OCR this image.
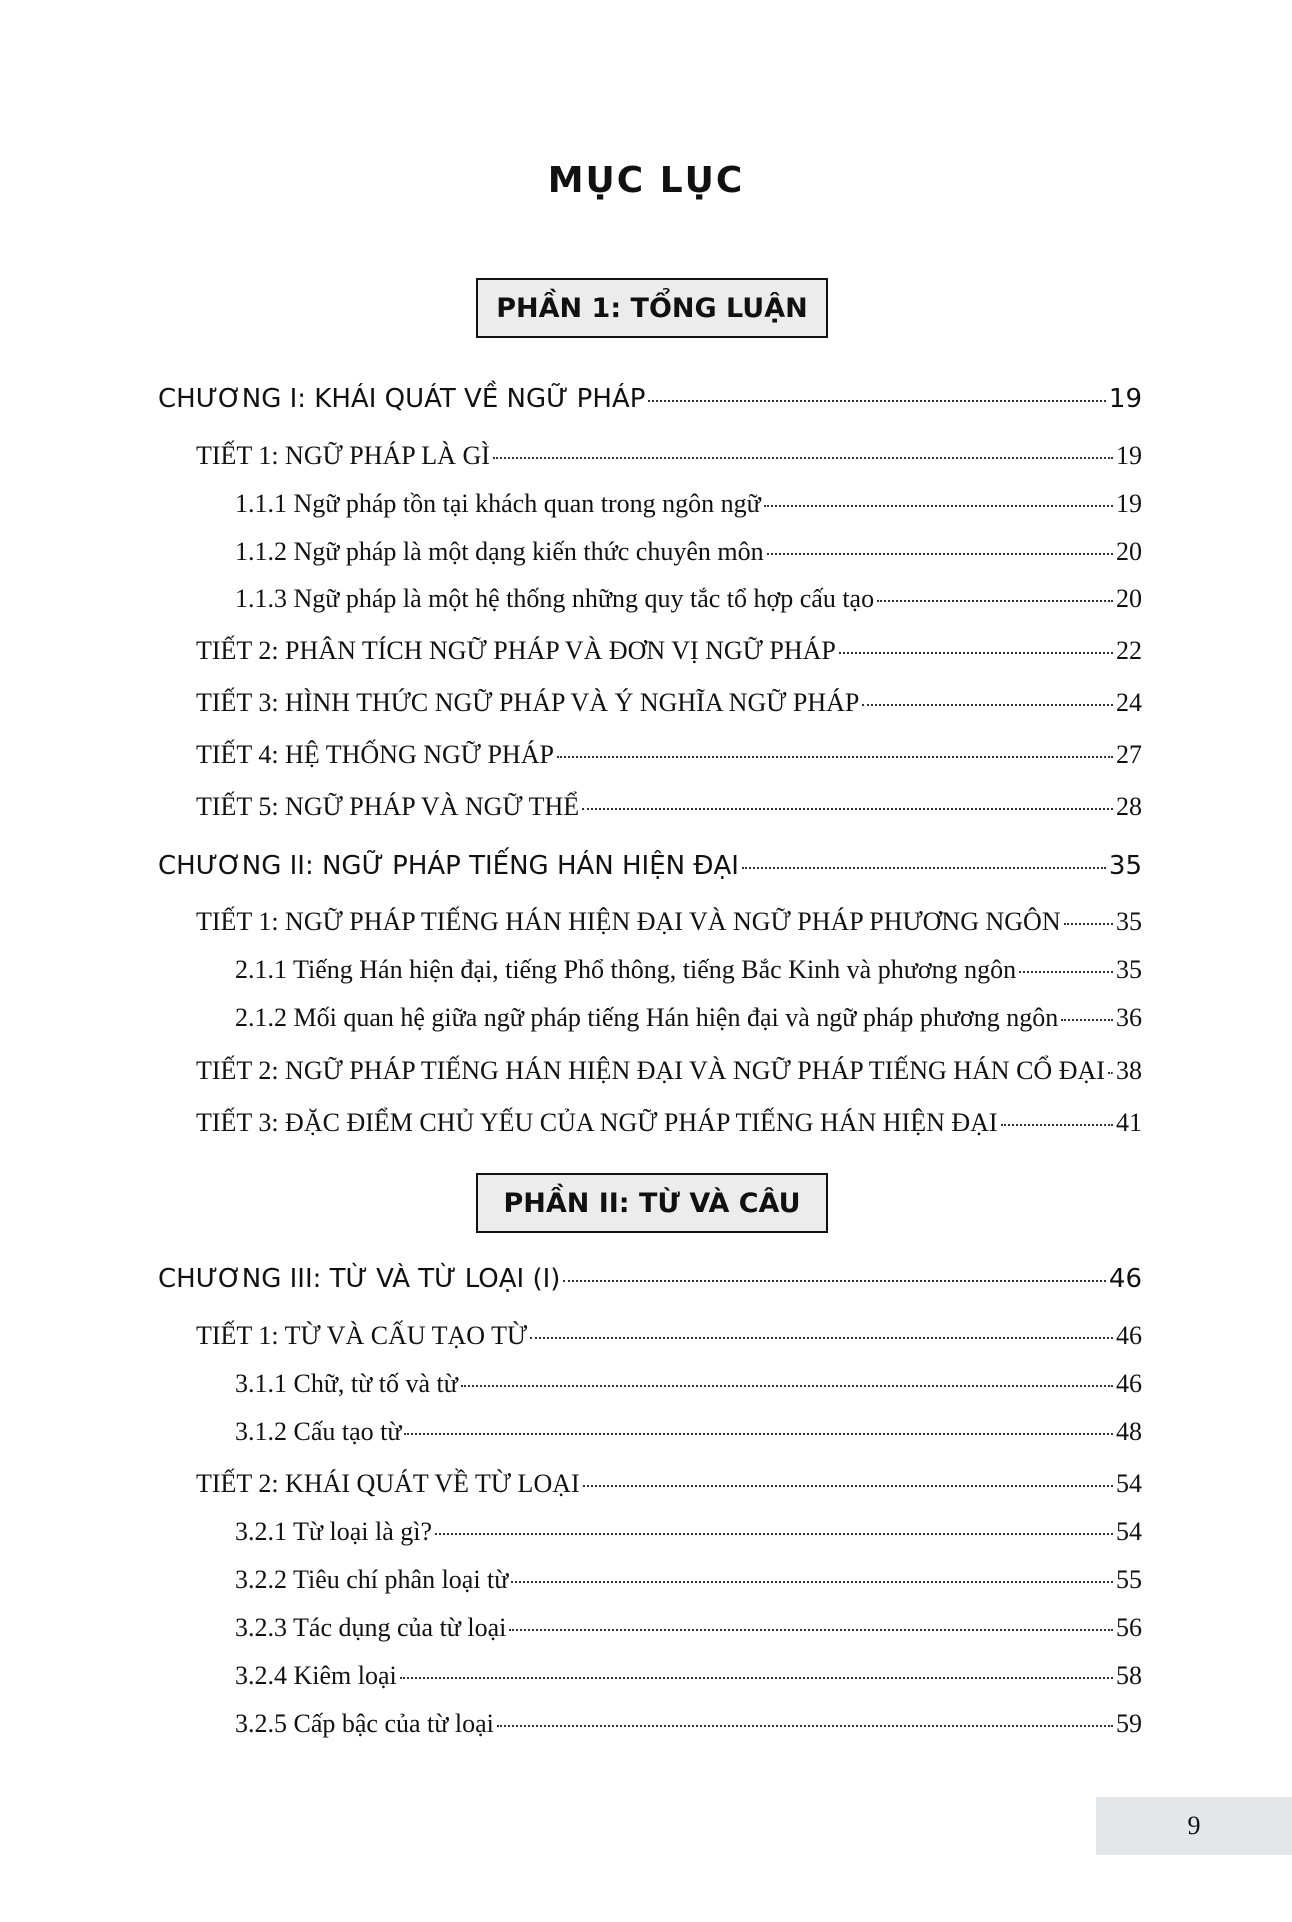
MỤC LỤC
PHẦN 1: TỔNG LUẬN
PHẦN II: TỪ VÀ CÂU
CHƯƠNG I: KHÁI QUÁT VỀ NGỮ PHÁP	19
TIẾT 1: NGỮ PHÁP LÀ GÌ	19
1.1.1 Ngữ pháp tồn tại khách quan trong ngôn ngữ	19
1.1.2 Ngữ pháp là một dạng kiến thức chuyên môn	20
1.1.3 Ngữ pháp là một hệ thống những quy tắc tổ hợp cấu tạo	20
TIẾT 2: PHÂN TÍCH NGỮ PHÁP VÀ ĐƠN VỊ NGỮ PHÁP	22
TIẾT 3: HÌNH THỨC NGỮ PHÁP VÀ Ý NGHĨA NGỮ PHÁP	24
TIẾT 4: HỆ THỐNG NGỮ PHÁP	27
TIẾT 5: NGỮ PHÁP VÀ NGỮ THỂ	28
CHƯƠNG II: NGỮ PHÁP TIẾNG HÁN HIỆN ĐẠI	35
TIẾT 1: NGỮ PHÁP TIẾNG HÁN HIỆN ĐẠI VÀ NGỮ PHÁP PHƯƠNG NGÔN 35
2.1.1 Tiếng Hán hiện đại, tiếng Phổ thông, tiếng Bắc Kinh và phương ngôn	35
2.1.2 Mối quan hệ giữa ngữ pháp tiếng Hán hiện đại và ngữ pháp phương ngôn 36
TIẾT 2: NGỮ PHÁP TIẾNG HÁN HIỆN ĐẠI VÀ NGỮ PHÁP TIẾNG HÁN CỔ ĐẠI 38
TIẾT 3: ĐẶC ĐIỂM CHỦ YẾU CỦA NGỮ PHÁP TIẾNG HÁN HIỆN ĐẠI	41
CHƯƠNG III: TỪ VÀ TỪ LOẠI (I)	46
TIẾT 1: TỪ VÀ CẤU TẠO TỪ	46
3.1.1 Chữ, từ tố và từ	46
3.1.2 Cấu tạo từ	48
TIẾT 2: KHÁI QUÁT VỀ TỪ LOẠI	54
3.2.1 Từ loại là gì?	54
3.2.2 Tiêu chí phân loại từ	55
3.2.3 Tác dụng của từ loại	56
3.2.4 Kiêm loại	58
3.2.5 Cấp bậc của từ loại	59
9
